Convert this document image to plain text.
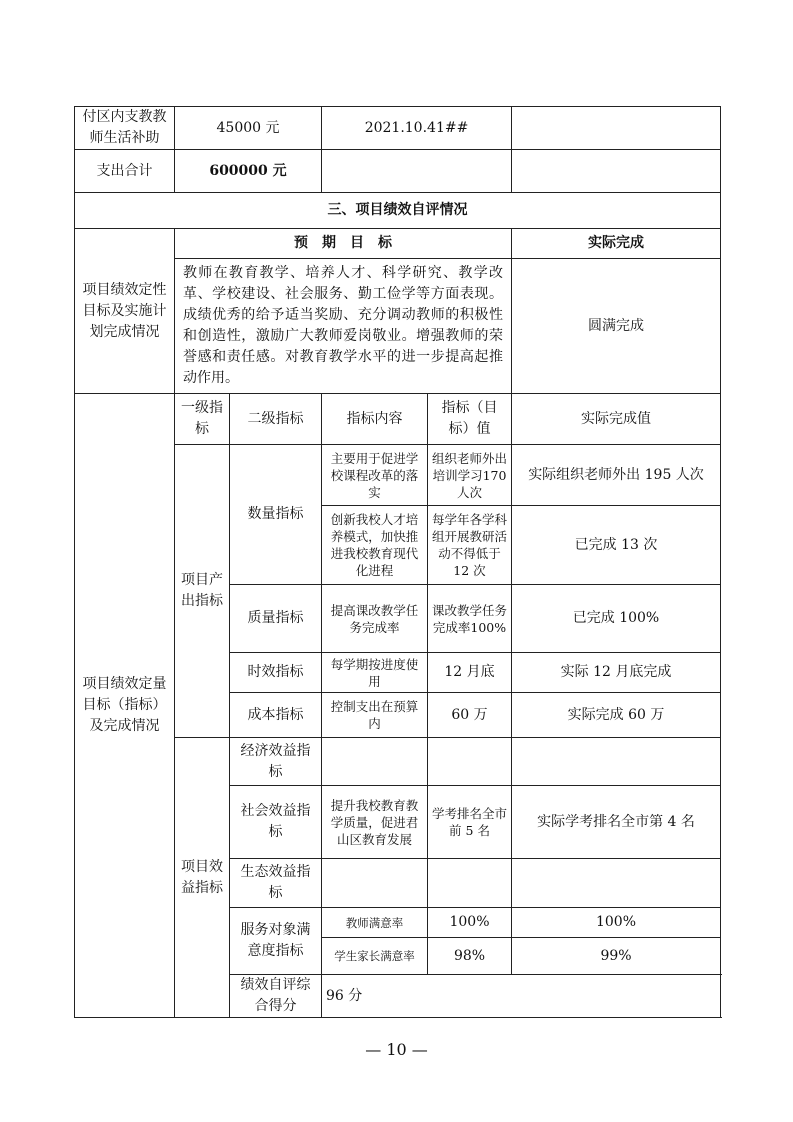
付区内支教教师生活补助	45000 元		2021.10.41##		
支出合计	600000 元				
三、项目绩效自评情况					
项目绩效定性目标及实施计划完成情况	预　期　目　标				实际完成
	教师在教育教学、培养人才、科学研究、教学改革、学校建设、社会服务、勤工俭学等方面表现。成绩优秀的给予适当奖励、充分调动教师的积极性和创造性，激励广大教师爱岗敬业。增强教师的荣誉感和责任感。对教育教学水平的进一步提高起推动作用。				圆满完成
项目绩效定量目标（指标）及完成情况	一级指标	二级指标	指标内容	指标（目标）值	实际完成值
	项目产出指标	数量指标	主要用于促进学校课程改革的落实	组织老师外出培训学习170 人次	实际组织老师外出 195 人次
			创新我校人才培养模式，加快推进我校教育现代化进程	每学年各学科组开展教研活动不得低于 12 次	已完成 13 次
		质量指标	提高课改教学任务完成率	课改教学任务完成率100%	已完成 100%
		时效指标	每学期按进度使用	12 月底	实际 12 月底完成
		成本指标	控制支出在预算内	60 万	实际完成 60 万
	项目效益指标	经济效益指标			
		社会效益指标	提升我校教育教学质量，促进君山区教育发展	学考排名全市前 5 名	实际学考排名全市第 4 名
		生态效益指标			
		服务对象满意度指标	教师满意率	100%	100%
			学生家长满意率	98%	99%
		绩效自评综合得分	96 分		
— 10 —
